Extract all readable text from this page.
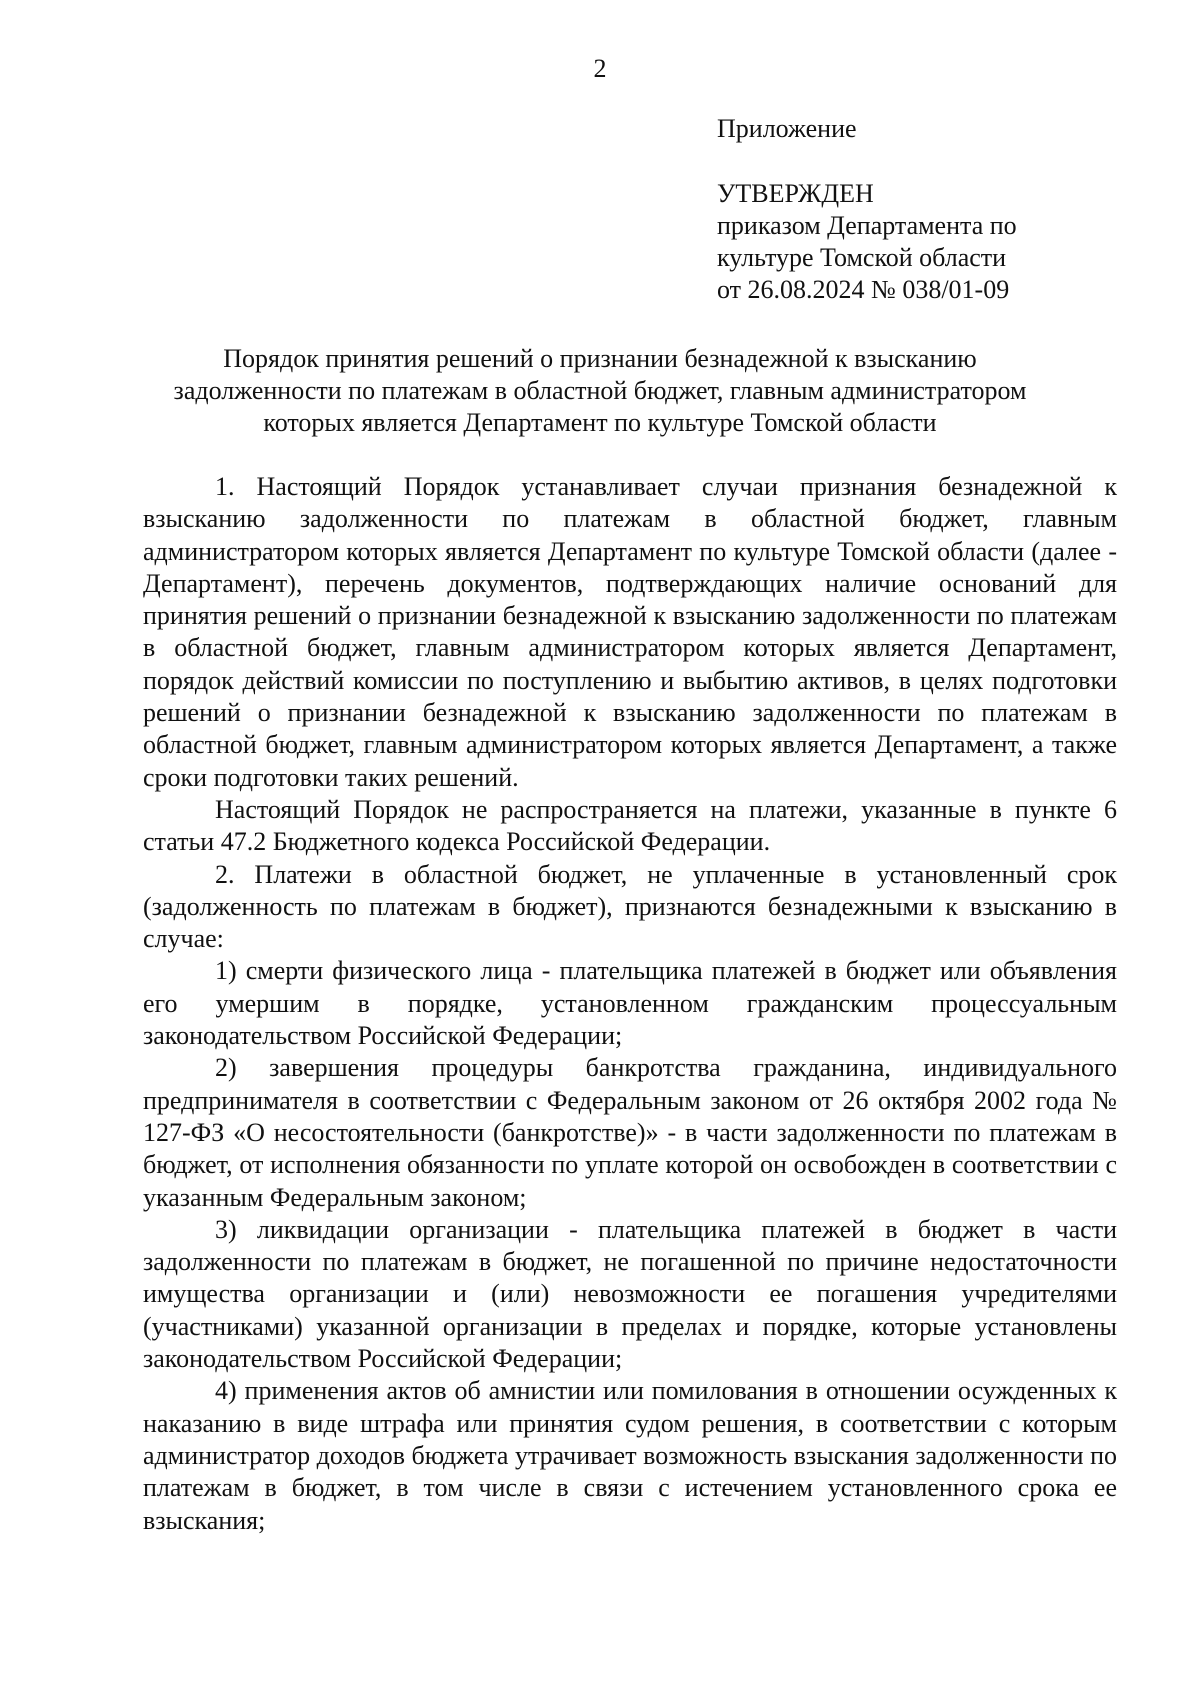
2
Приложение
УТВЕРЖДЕН
приказом Департамента по
культуре Томской области
от 26.08.2024 № 038/01-09
Порядок принятия решений о признании безнадежной к взысканию
задолженности по платежам в областной бюджет, главным администратором
которых является Департамент по культуре Томской области

1. Настоящий Порядок устанавливает случаи признания безнадежной к взысканию задолженности по платежам в областной бюджет, главным администратором которых является Департамент по культуре Томской области (далее - Департамент), перечень документов, подтверждающих наличие оснований для принятия решений о признании безнадежной к взысканию задолженности по платежам в областной бюджет, главным администратором которых является Департамент, порядок действий комиссии по поступлению и выбытию активов, в целях подготовки решений о признании безнадежной к взысканию задолженности по платежам в областной бюджет, главным администратором которых является Департамент, а также сроки подготовки таких решений.

Настоящий Порядок не распространяется на платежи, указанные в пункте 6 статьи 47.2 Бюджетного кодекса Российской Федерации.

2. Платежи в областной бюджет, не уплаченные в установленный срок (задолженность по платежам в бюджет), признаются безнадежными к взысканию в случае:

1) смерти физического лица - плательщика платежей в бюджет или объявления его умершим в порядке, установленном гражданским процессуальным законодательством Российской Федерации;

2) завершения процедуры банкротства гражданина, индивидуального предпринимателя в соответствии с Федеральным законом от 26 октября 2002 года № 127-ФЗ «О несостоятельности (банкротстве)» - в части задолженности по платежам в бюджет, от исполнения обязанности по уплате которой он освобожден в соответствии с указанным Федеральным законом;

3) ликвидации организации - плательщика платежей в бюджет в части задолженности по платежам в бюджет, не погашенной по причине недостаточности имущества организации и (или) невозможности ее погашения учредителями (участниками) указанной организации в пределах и порядке, которые установлены законодательством Российской Федерации;

4) применения актов об амнистии или помилования в отношении осужденных к наказанию в виде штрафа или принятия судом решения, в соответствии с которым администратор доходов бюджета утрачивает возможность взыскания задолженности по платежам в бюджет, в том числе в связи с истечением установленного срока ее взыскания;
